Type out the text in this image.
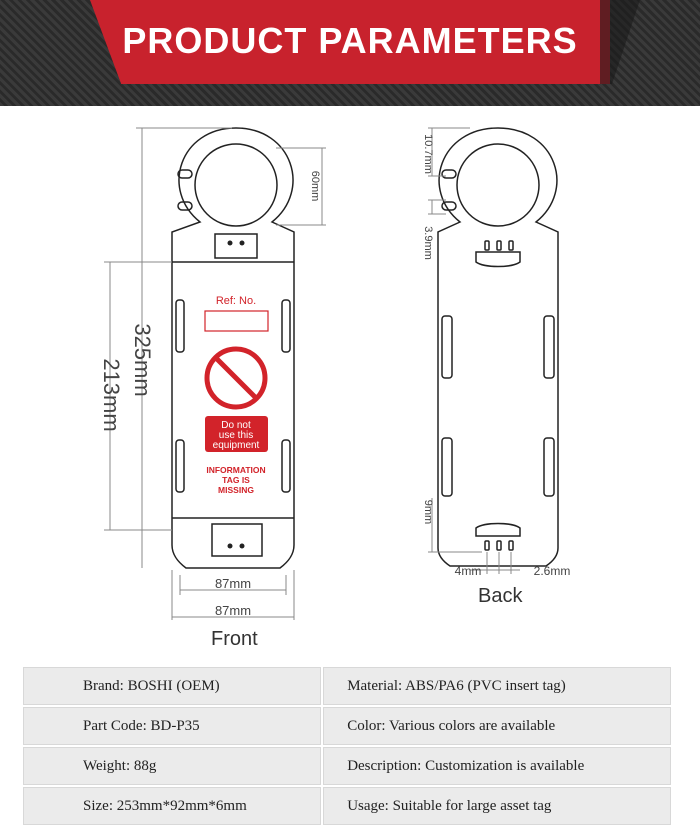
PRODUCT PARAMETERS
Ref: No.
Do not
use this
equipment
INFORMATION
TAG IS
MISSING
325mm
213mm
60mm
87mm
87mm
10.7mm
3.9mm
9mm
4mm	2.6mm
Front
Back
Brand: BOSHI (OEM)	Material: ABS/PA6 (PVC insert tag)
Part Code: BD-P35	Color: Various colors are available
Weight: 88g	Description: Customization is available
Size: 253mm*92mm*6mm	Usage: Suitable for large asset tag
